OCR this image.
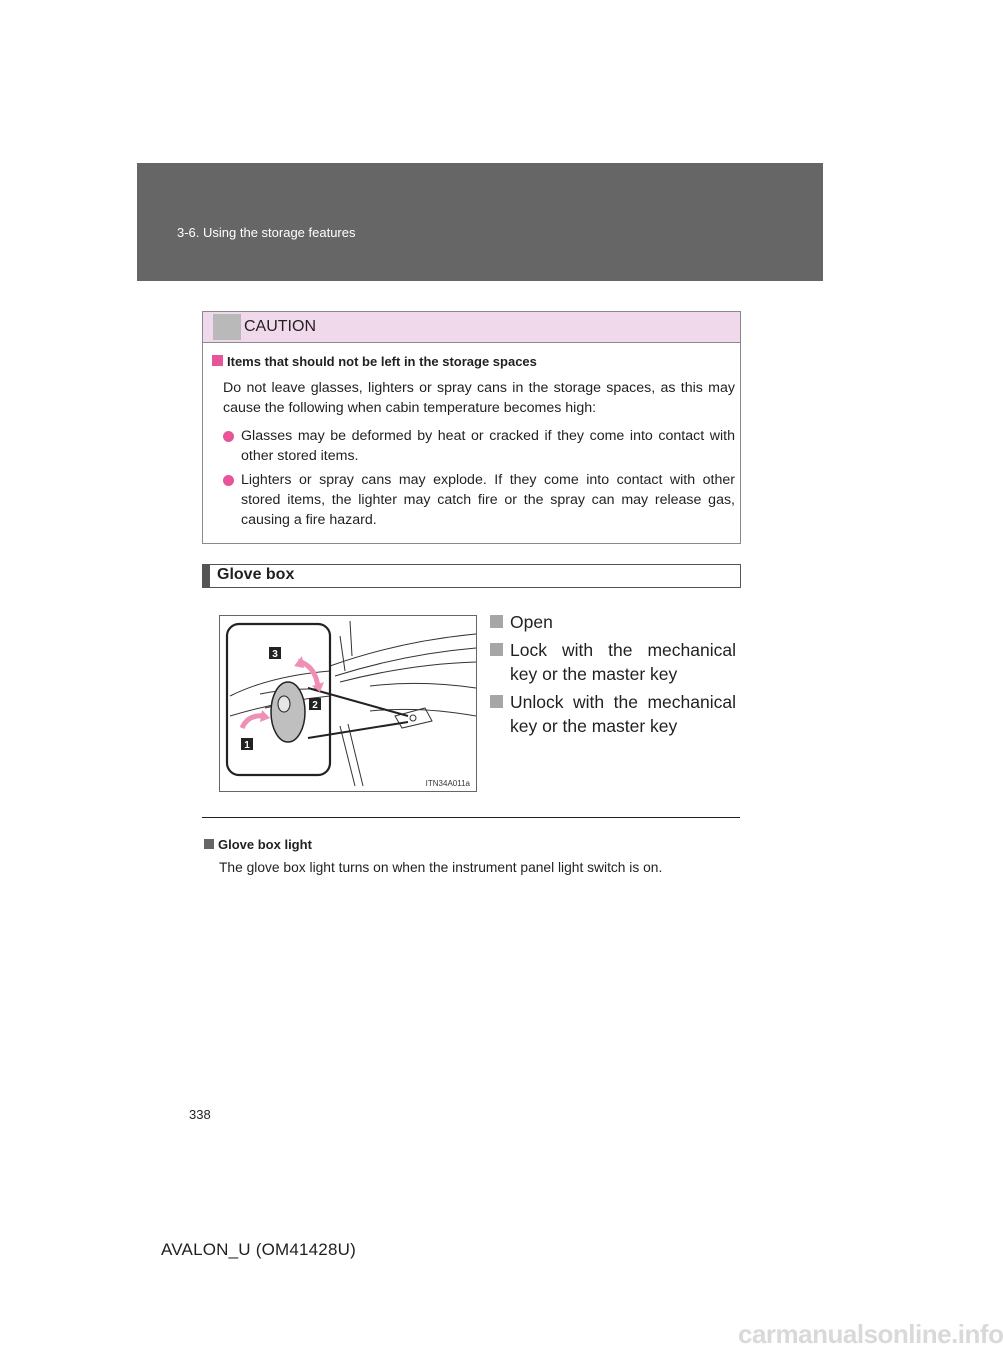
3-6. Using the storage features
CAUTION
Items that should not be left in the storage spaces
Do not leave glasses, lighters or spray cans in the storage spaces, as this may cause the following when cabin temperature becomes high:
Glasses may be deformed by heat or cracked if they come into contact with other stored items.
Lighters or spray cans may explode. If they come into contact with other stored items, the lighter may catch fire or the spray can may release gas, causing a fire hazard.
Glove box
3
2
1
ITN34A011a
Open
Lock with the mechanical key or the master key
Unlock with the mechanical key or the master key
Glove box light
The glove box light turns on when the instrument panel light switch is on.
338
AVALON_U (OM41428U)
carmanualsonline.info
